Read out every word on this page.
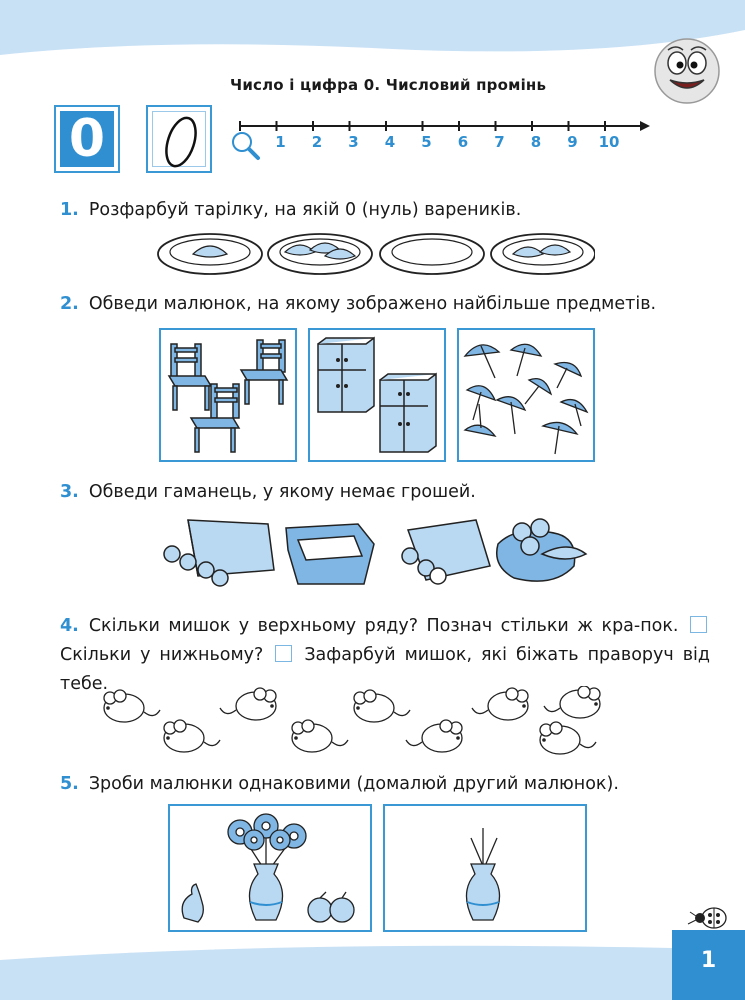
Число і цифра 0. Числовий промінь
0	1 2 3 4 5 6 7 8 9 10
1. Розфарбуй тарілку, на якій 0 (нуль) вареників.
2. Обведи малюнок, на якому зображено найбільше предметів.
3. Обведи гаманець, у якому немає грошей.
4. Скільки мишок у верхньому ряду? Познач стільки ж кра-пок.  Скільки у нижньому? Зафарбуй мишок, які біжать праворуч від тебе.
5. Зроби малюнки однаковими (домалюй другий малюнок).
1
